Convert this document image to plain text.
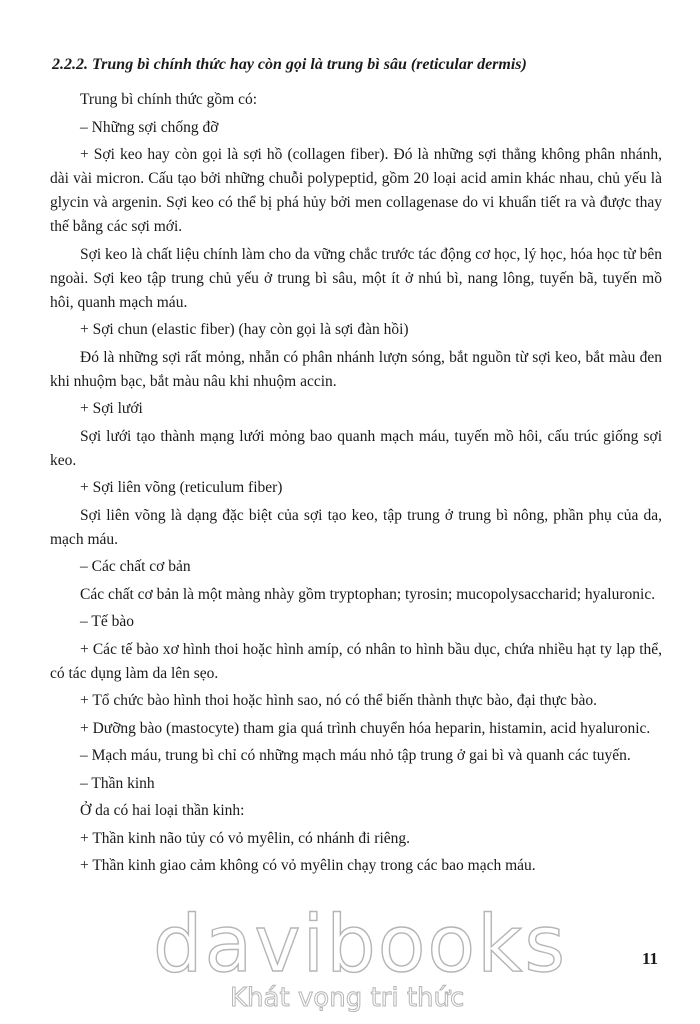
2.2.2. Trung bì chính thức hay còn gọi là trung bì sâu (reticular dermis)

Trung bì chính thức gồm có:

– Những sợi chống đỡ

+ Sợi keo hay còn gọi là sợi hồ (collagen fiber). Đó là những sợi thẳng không phân nhánh, dài vài micron. Cấu tạo bởi những chuỗi polypeptid, gồm 20 loại acid amin khác nhau, chủ yếu là glycin và argenin. Sợi keo có thể bị phá hủy bởi men collagenase do vi khuẩn tiết ra và được thay thế bằng các sợi mới.

Sợi keo là chất liệu chính làm cho da vững chắc trước tác động cơ học, lý học, hóa học từ bên ngoài. Sợi keo tập trung chủ yếu ở trung bì sâu, một ít ở nhú bì, nang lông, tuyến bã, tuyến mồ hôi, quanh mạch máu.

+ Sợi chun (elastic fiber) (hay còn gọi là sợi đàn hồi)

Đó là những sợi rất mỏng, nhẵn có phân nhánh lượn sóng, bắt nguồn từ sợi keo, bắt màu đen khi nhuộm bạc, bắt màu nâu khi nhuộm accin.

+ Sợi lưới

Sợi lưới tạo thành mạng lưới mỏng bao quanh mạch máu, tuyến mồ hôi, cấu trúc giống sợi keo.

+ Sợi liên võng (reticulum fiber)

Sợi liên võng là dạng đặc biệt của sợi tạo keo, tập trung ở trung bì nông, phần phụ của da, mạch máu.

– Các chất cơ bản

Các chất cơ bản là một màng nhày gồm tryptophan; tyrosin; mucopolysaccharid; hyaluronic.

– Tế bào

+ Các tế bào xơ hình thoi hoặc hình amíp, có nhân to hình bầu dục, chứa nhiều hạt ty lạp thể, có tác dụng làm da lên sẹo.

+ Tổ chức bào hình thoi hoặc hình sao, nó có thể biến thành thực bào, đại thực bào.

+ Dưỡng bào (mastocyte) tham gia quá trình chuyển hóa heparin, histamin, acid hyaluronic.

– Mạch máu, trung bì chỉ có những mạch máu nhỏ tập trung ở gai bì và quanh các tuyến.

– Thần kinh

Ở da có hai loại thần kinh:

+ Thần kinh não tủy có vỏ myêlin, có nhánh đi riêng.

+ Thần kinh giao cảm không có vỏ myêlin chạy trong các bao mạch máu.

davibooks
Khát vọng tri thức
11
